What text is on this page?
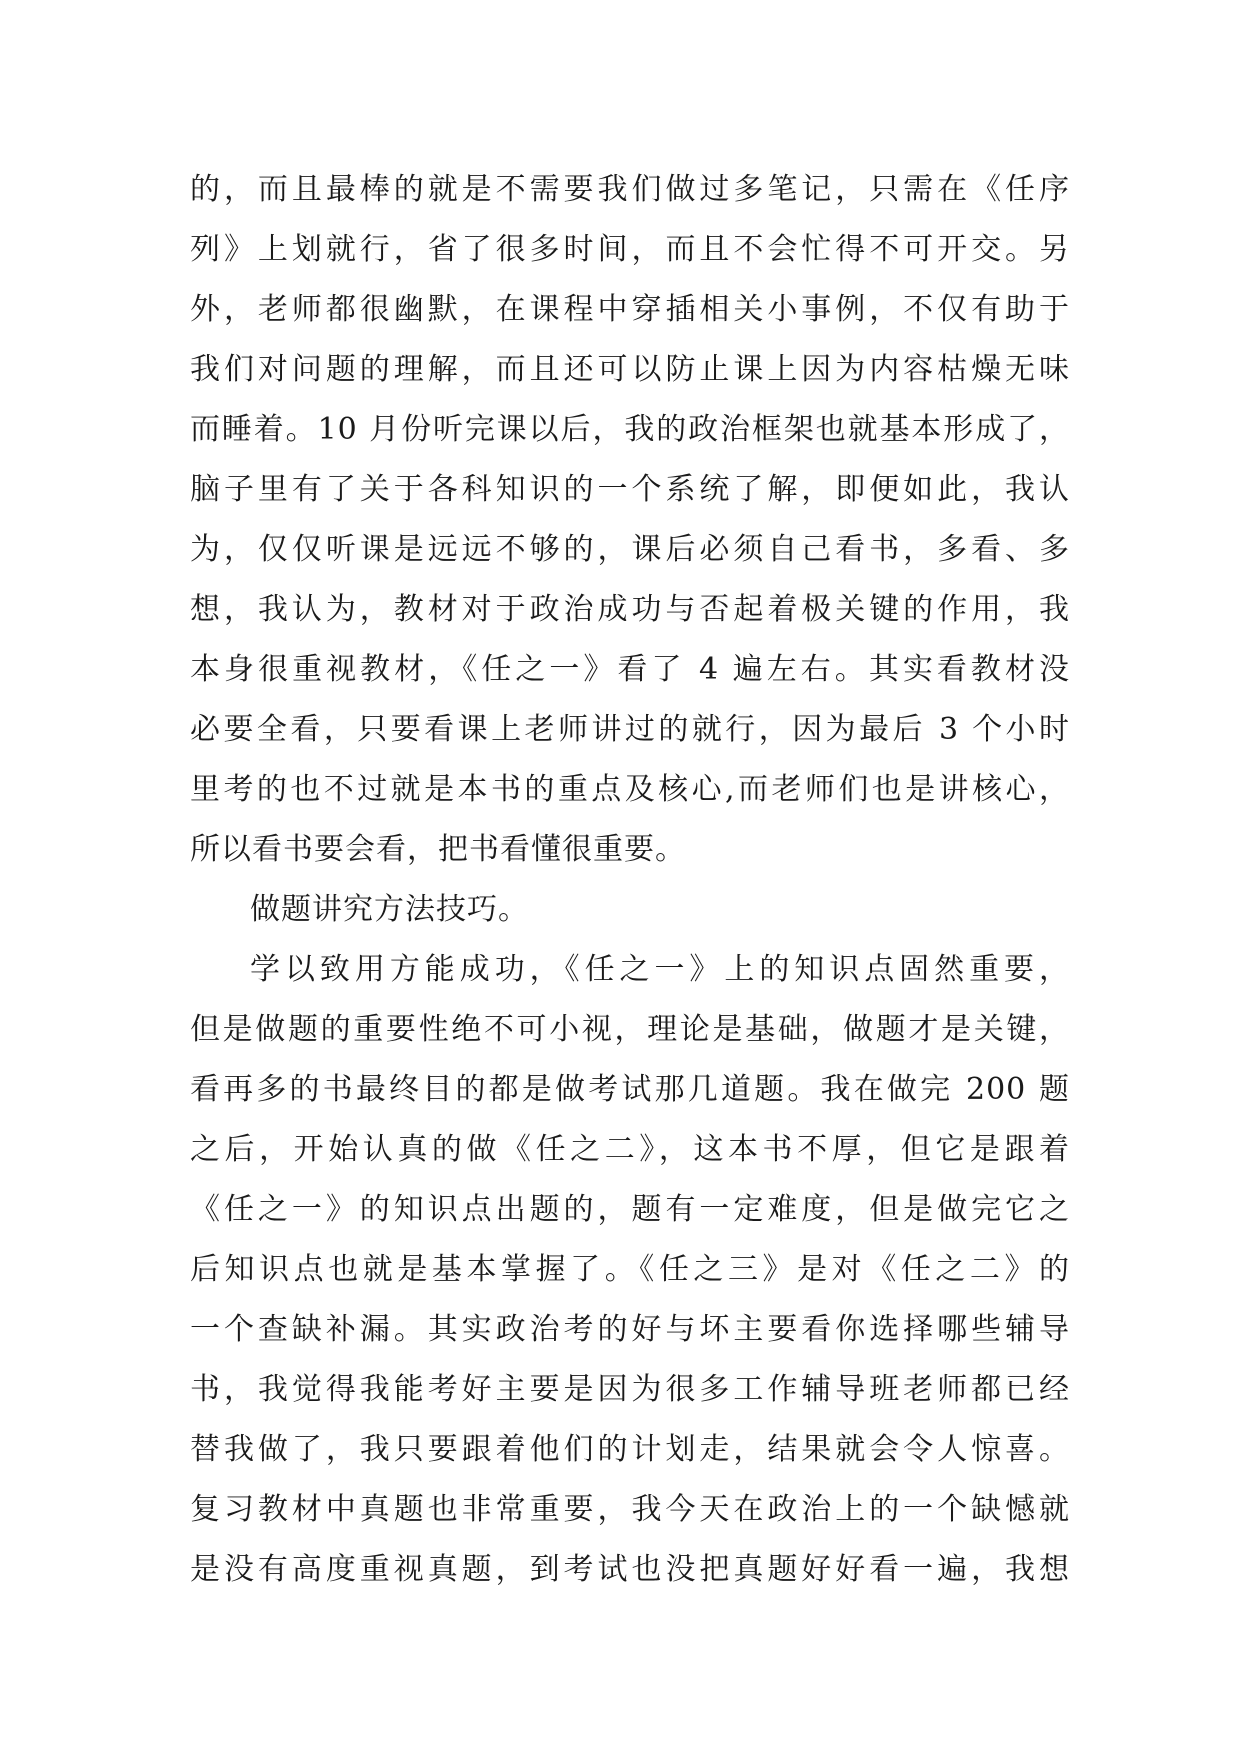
的，而且最棒的就是不需要我们做过多笔记，只需在《任序
列》上划就行，省了很多时间，而且不会忙得不可开交。另
外，老师都很幽默，在课程中穿插相关小事例，不仅有助于
我们对问题的理解，而且还可以防止课上因为内容枯燥无味
而睡着。10 月份听完课以后，我的政治框架也就基本形成了，
脑子里有了关于各科知识的一个系统了解，即便如此，我认
为，仅仅听课是远远不够的，课后必须自己看书，多看、多
想，我认为，教材对于政治成功与否起着极关键的作用，我
本身很重视教材，《任之一》看了 4 遍左右。其实看教材没
必要全看，只要看课上老师讲过的就行，因为最后 3 个小时
里考的也不过就是本书的重点及核心,而老师们也是讲核心，
所以看书要会看，把书看懂很重要。
做题讲究方法技巧。
学以致用方能成功，《任之一》上的知识点固然重要，
但是做题的重要性绝不可小视，理论是基础，做题才是关键，
看再多的书最终目的都是做考试那几道题。我在做完 200 题
之后，开始认真的做《任之二》，这本书不厚，但它是跟着
《任之一》的知识点出题的，题有一定难度，但是做完它之
后知识点也就是基本掌握了。《任之三》是对《任之二》的
一个查缺补漏。其实政治考的好与坏主要看你选择哪些辅导
书，我觉得我能考好主要是因为很多工作辅导班老师都已经
替我做了，我只要跟着他们的计划走，结果就会令人惊喜。
复习教材中真题也非常重要，我今天在政治上的一个缺憾就
是没有高度重视真题，到考试也没把真题好好看一遍，我想
